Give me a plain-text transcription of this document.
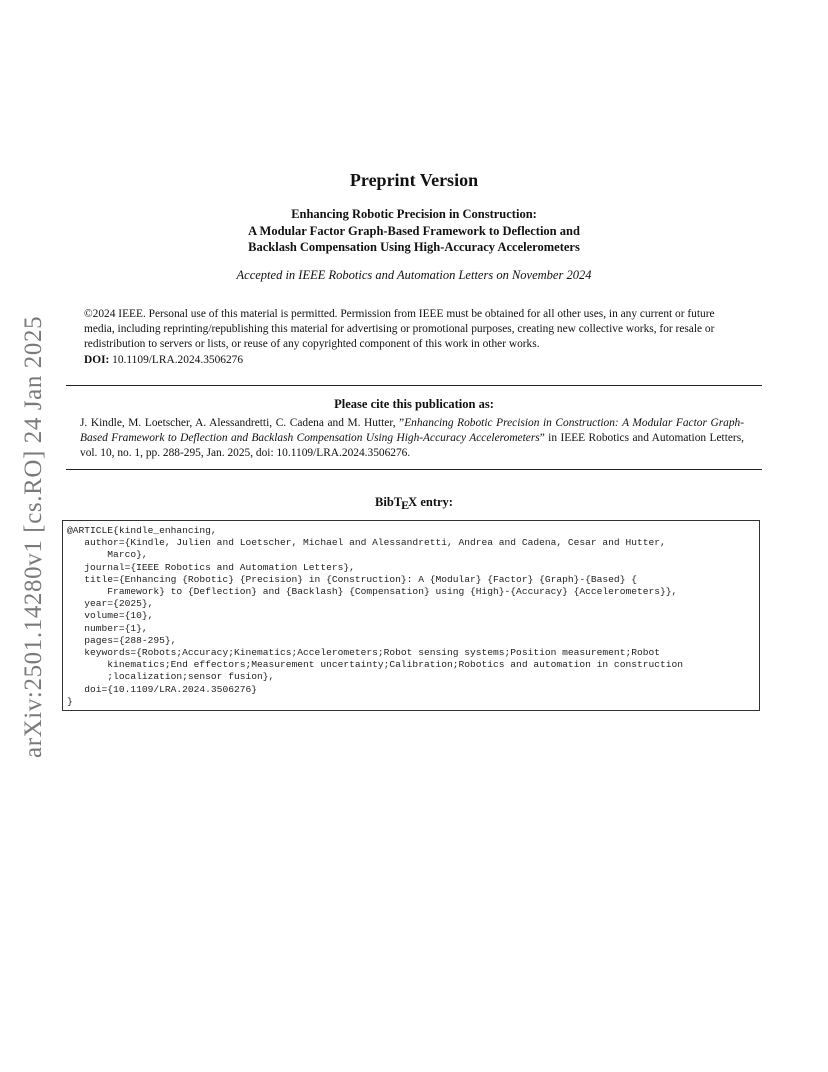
arXiv:2501.14280v1 [cs.RO] 24 Jan 2025
Preprint Version
Enhancing Robotic Precision in Construction:
A Modular Factor Graph-Based Framework to Deflection and
Backlash Compensation Using High-Accuracy Accelerometers
Accepted in IEEE Robotics and Automation Letters on November 2024
©2024 IEEE. Personal use of this material is permitted. Permission from IEEE must be obtained for all other uses, in any current or future media, including reprinting/republishing this material for advertising or promotional purposes, creating new collective works, for resale or redistribution to servers or lists, or reuse of any copyrighted component of this work in other works.
DOI: 10.1109/LRA.2024.3506276
Please cite this publication as:
J. Kindle, M. Loetscher, A. Alessandretti, C. Cadena and M. Hutter, ”Enhancing Robotic Precision in Construction: A Modular Factor Graph-Based Framework to Deflection and Backlash Compensation Using High-Accuracy Accelerometers” in IEEE Robotics and Automation Letters, vol. 10, no. 1, pp. 288-295, Jan. 2025, doi: 10.1109/LRA.2024.3506276.
BibTEX entry:
@ARTICLE{kindle_enhancing,
author={Kindle, Julien and Loetscher, Michael and Alessandretti, Andrea and Cadena, Cesar and Hutter,
Marco},
journal={IEEE Robotics and Automation Letters},
title={Enhancing {Robotic} {Precision} in {Construction}: A {Modular} {Factor} {Graph}-{Based} {
Framework} to {Deflection} and {Backlash} {Compensation} using {High}-{Accuracy} {Accelerometers}},
year={2025},
volume={10},
number={1},
pages={288-295},
keywords={Robots;Accuracy;Kinematics;Accelerometers;Robot sensing systems;Position measurement;Robot
kinematics;End effectors;Measurement uncertainty;Calibration;Robotics and automation in construction
;localization;sensor fusion},
doi={10.1109/LRA.2024.3506276}
}
